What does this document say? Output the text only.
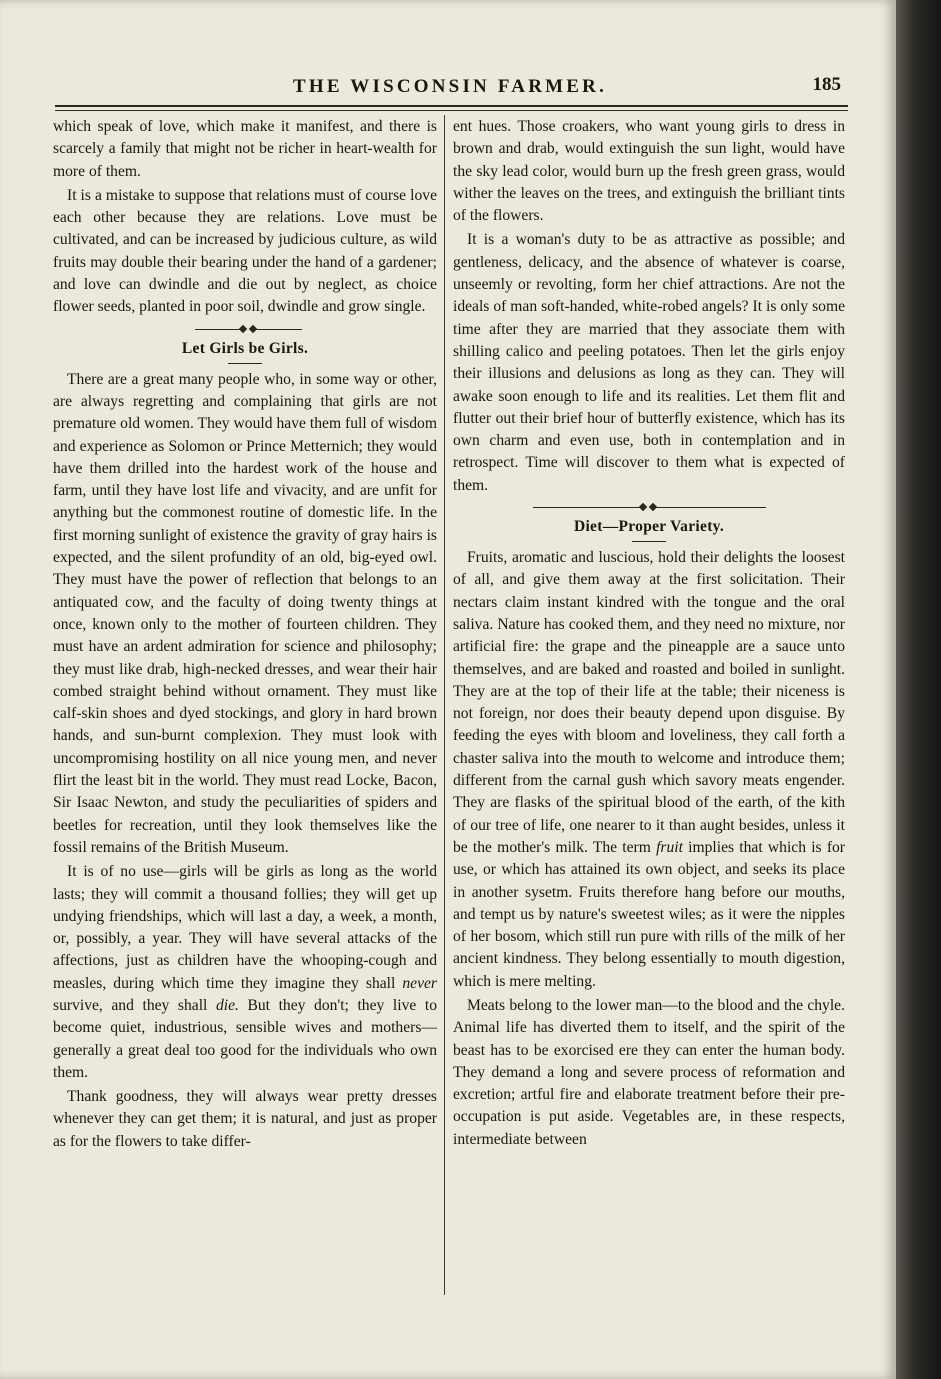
THE WISCONSIN FARMER.	185

which speak of love, which make it manifest, and there is scarcely a family that might not be richer in heart-wealth for more of them.

It is a mistake to suppose that relations must of course love each other because they are relations. Love must be cultivated, and can be increased by judicious culture, as wild fruits may double their bearing under the hand of a gardener; and love can dwindle and die out by neglect, as choice flower seeds, planted in poor soil, dwindle and grow single.

Let Girls be Girls.

There are a great many people who, in some way or other, are always regretting and complaining that girls are not premature old women. They would have them full of wisdom and experience as Solomon or Prince Metternich; they would have them drilled into the hardest work of the house and farm, until they have lost life and vivacity, and are unfit for anything but the commonest routine of domestic life. In the first morning sunlight of existence the gravity of gray hairs is expected, and the silent profundity of an old, big-eyed owl. They must have the power of reflection that belongs to an antiquated cow, and the faculty of doing twenty things at once, known only to the mother of fourteen children. They must have an ardent admiration for science and philosophy; they must like drab, high-necked dresses, and wear their hair combed straight behind without ornament. They must like calf-skin shoes and dyed stockings, and glory in hard brown hands, and sun-burnt complexion. They must look with uncompromising hostility on all nice young men, and never flirt the least bit in the world. They must read Locke, Bacon, Sir Isaac Newton, and study the peculiarities of spiders and beetles for recreation, until they look themselves like the fossil remains of the British Museum.

It is of no use—girls will be girls as long as the world lasts; they will commit a thousand follies; they will get up undying friendships, which will last a day, a week, a month, or, possibly, a year. They will have several attacks of the affections, just as children have the whooping-cough and measles, during which time they imagine they shall never survive, and they shall die. But they don't; they live to become quiet, industrious, sensible wives and mothers—generally a great deal too good for the individuals who own them.

Thank goodness, they will always wear pretty dresses whenever they can get them; it is natural, and just as proper as for the flowers to take differ-

ent hues. Those croakers, who want young girls to dress in brown and drab, would extinguish the sun light, would have the sky lead color, would burn up the fresh green grass, would wither the leaves on the trees, and extinguish the brilliant tints of the flowers.

It is a woman's duty to be as attractive as possible; and gentleness, delicacy, and the absence of whatever is coarse, unseemly or revolting, form her chief attractions. Are not the ideals of man soft-handed, white-robed angels? It is only some time after they are married that they associate them with shilling calico and peeling potatoes. Then let the girls enjoy their illusions and delusions as long as they can. They will awake soon enough to life and its realities. Let them flit and flutter out their brief hour of butterfly existence, which has its own charm and even use, both in contemplation and in retrospect. Time will discover to them what is expected of them.

Diet—Proper Variety.

Fruits, aromatic and luscious, hold their delights the loosest of all, and give them away at the first solicitation. Their nectars claim instant kindred with the tongue and the oral saliva. Nature has cooked them, and they need no mixture, nor artificial fire: the grape and the pineapple are a sauce unto themselves, and are baked and roasted and boiled in sunlight. They are at the top of their life at the table; their niceness is not foreign, nor does their beauty depend upon disguise. By feeding the eyes with bloom and loveliness, they call forth a chaster saliva into the mouth to welcome and introduce them; different from the carnal gush which savory meats engender. They are flasks of the spiritual blood of the earth, of the kith of our tree of life, one nearer to it than aught besides, unless it be the mother's milk. The term fruit implies that which is for use, or which has attained its own object, and seeks its place in another sysetm. Fruits therefore hang before our mouths, and tempt us by nature's sweetest wiles; as it were the nipples of her bosom, which still run pure with rills of the milk of her ancient kindness. They belong essentially to mouth digestion, which is mere melting.

Meats belong to the lower man—to the blood and the chyle. Animal life has diverted them to itself, and the spirit of the beast has to be exorcised ere they can enter the human body. They demand a long and severe process of reformation and excretion; artful fire and elaborate treatment before their pre-occupation is put aside. Vegetables are, in these respects, intermediate between
